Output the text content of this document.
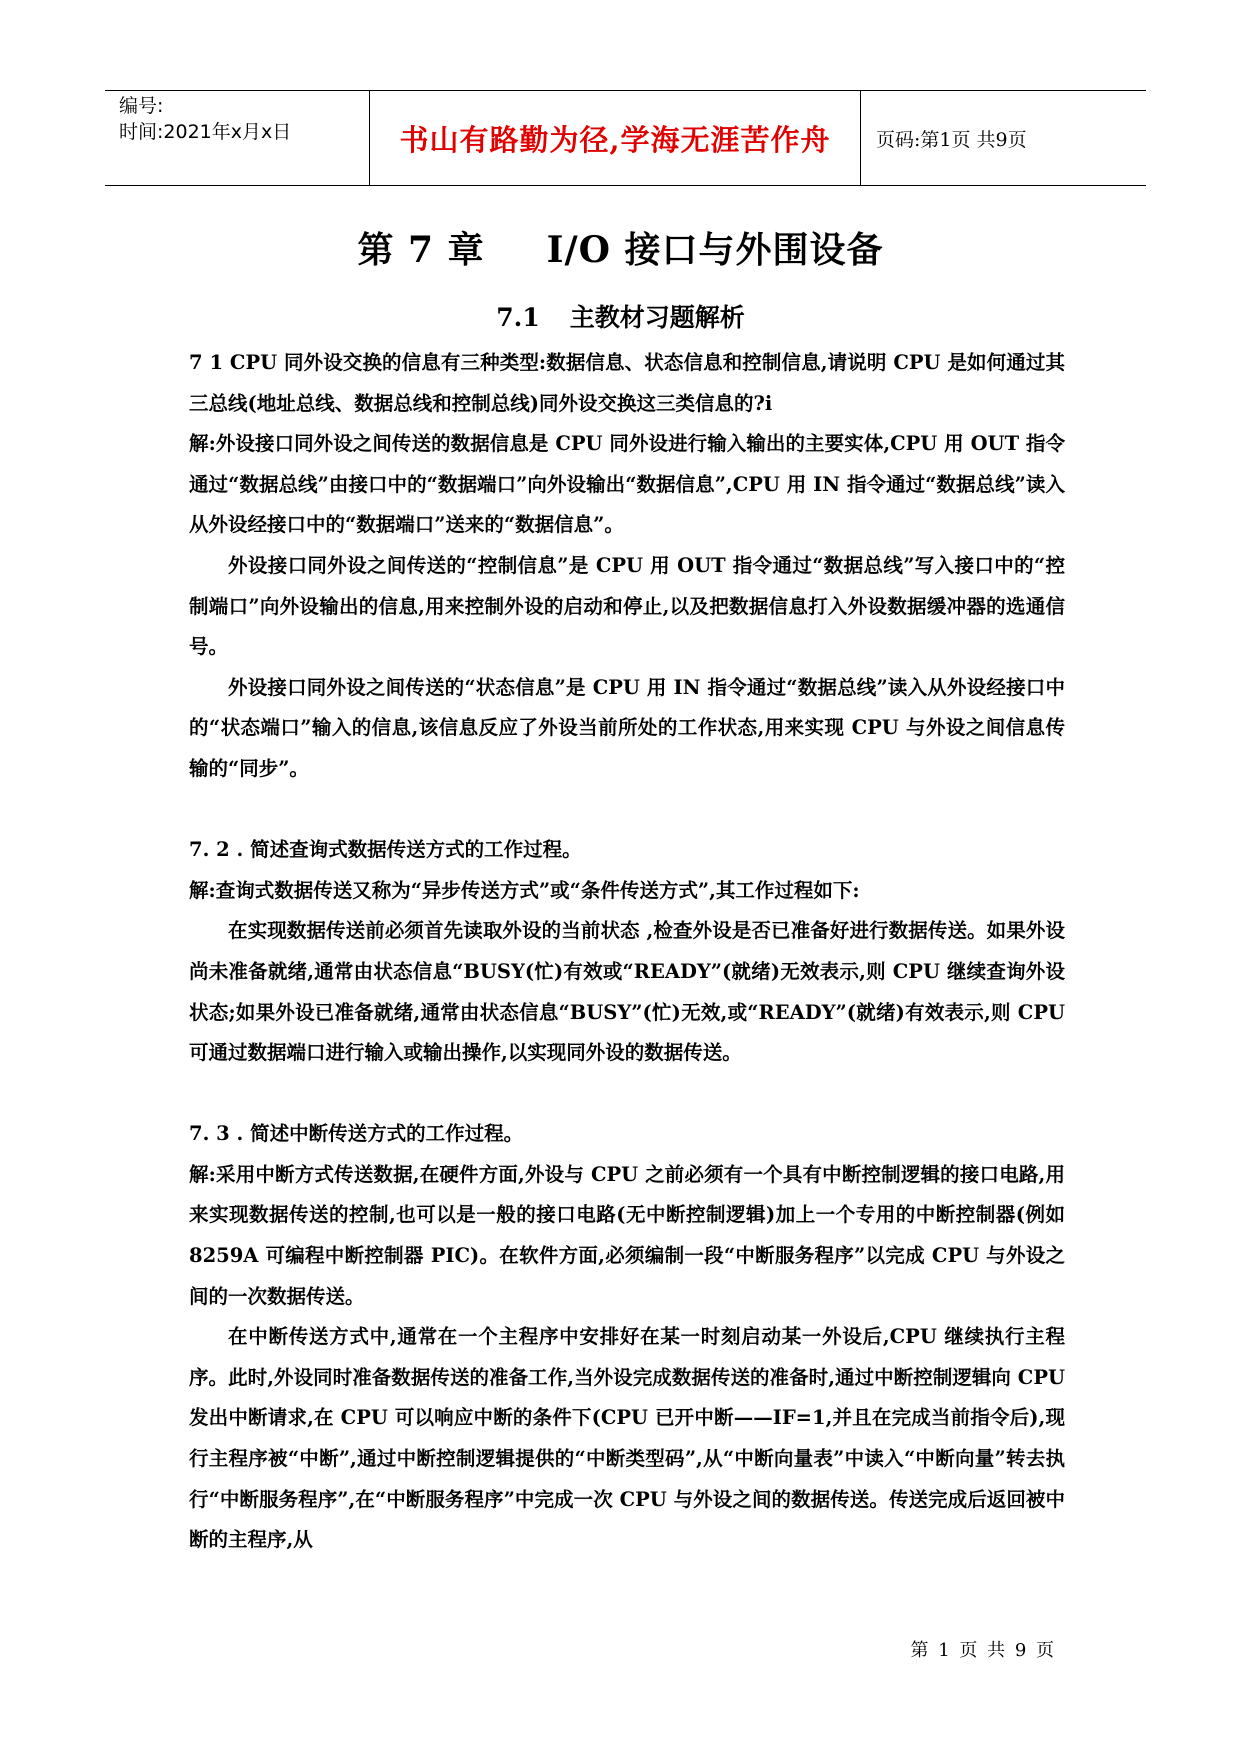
编号:
时间:2021年x月x日	书山有路勤为径,学海无涯苦作舟	页码:第1页 共9页
第 7 章 I/O 接口与外围设备
7.1 主教材习题解析

7 1 CPU 同外设交换的信息有三种类型:数据信息、状态信息和控制信息,请说明 CPU 是如何通过其三总线(地址总线、数据总线和控制总线)同外设交换这三类信息的?i

解:外设接口同外设之间传送的数据信息是 CPU 同外设进行输入输出的主要实体,CPU 用 OUT 指令通过“数据总线”由接口中的“数据端口”向外设输出“数据信息”,CPU 用 IN 指令通过“数据总线”读入从外设经接口中的“数据端口”送来的“数据信息”。

外设接口同外设之间传送的“控制信息”是 CPU 用 OUT 指令通过“数据总线”写入接口中的“控制端口”向外设输出的信息,用来控制外设的启动和停止,以及把数据信息打入外设数据缓冲器的选通信号。

外设接口同外设之间传送的“状态信息”是 CPU 用 IN 指令通过“数据总线”读入从外设经接口中的“状态端口”输入的信息,该信息反应了外设当前所处的工作状态,用来实现 CPU 与外设之间信息传输的“同步”。

7. 2 . 简述查询式数据传送方式的工作过程。

解:查询式数据传送又称为“异步传送方式”或“条件传送方式”,其工作过程如下:

在实现数据传送前必须首先读取外设的当前状态 ,检查外设是否已准备好进行数据传送。如果外设尚未准备就绪,通常由状态信息“BUSY(忙)有效或“READY”(就绪)无效表示,则 CPU 继续查询外设状态;如果外设已准备就绪,通常由状态信息“BUSY”(忙)无效,或“READY”(就绪)有效表示,则 CPU 可通过数据端口进行输入或输出操作,以实现同外设的数据传送。

7. 3 . 简述中断传送方式的工作过程。

解:采用中断方式传送数据,在硬件方面,外设与 CPU 之前必须有一个具有中断控制逻辑的接口电路,用来实现数据传送的控制,也可以是一般的接口电路(无中断控制逻辑)加上一个专用的中断控制器(例如 8259A 可编程中断控制器 PIC)。在软件方面,必须编制一段“中断服务程序”以完成 CPU 与外设之间的一次数据传送。

在中断传送方式中,通常在一个主程序中安排好在某一时刻启动某一外设后,CPU 继续执行主程序。此时,外设同时准备数据传送的准备工作,当外设完成数据传送的准备时,通过中断控制逻辑向 CPU 发出中断请求,在 CPU 可以响应中断的条件下(CPU 已开中断——IF=1,并且在完成当前指令后),现行主程序被“中断”,通过中断控制逻辑提供的“中断类型码”,从“中断向量表”中读入“中断向量”转去执行“中断服务程序”,在“中断服务程序”中完成一次 CPU 与外设之间的数据传送。传送完成后返回被中断的主程序,从

第 1 页 共 9 页
